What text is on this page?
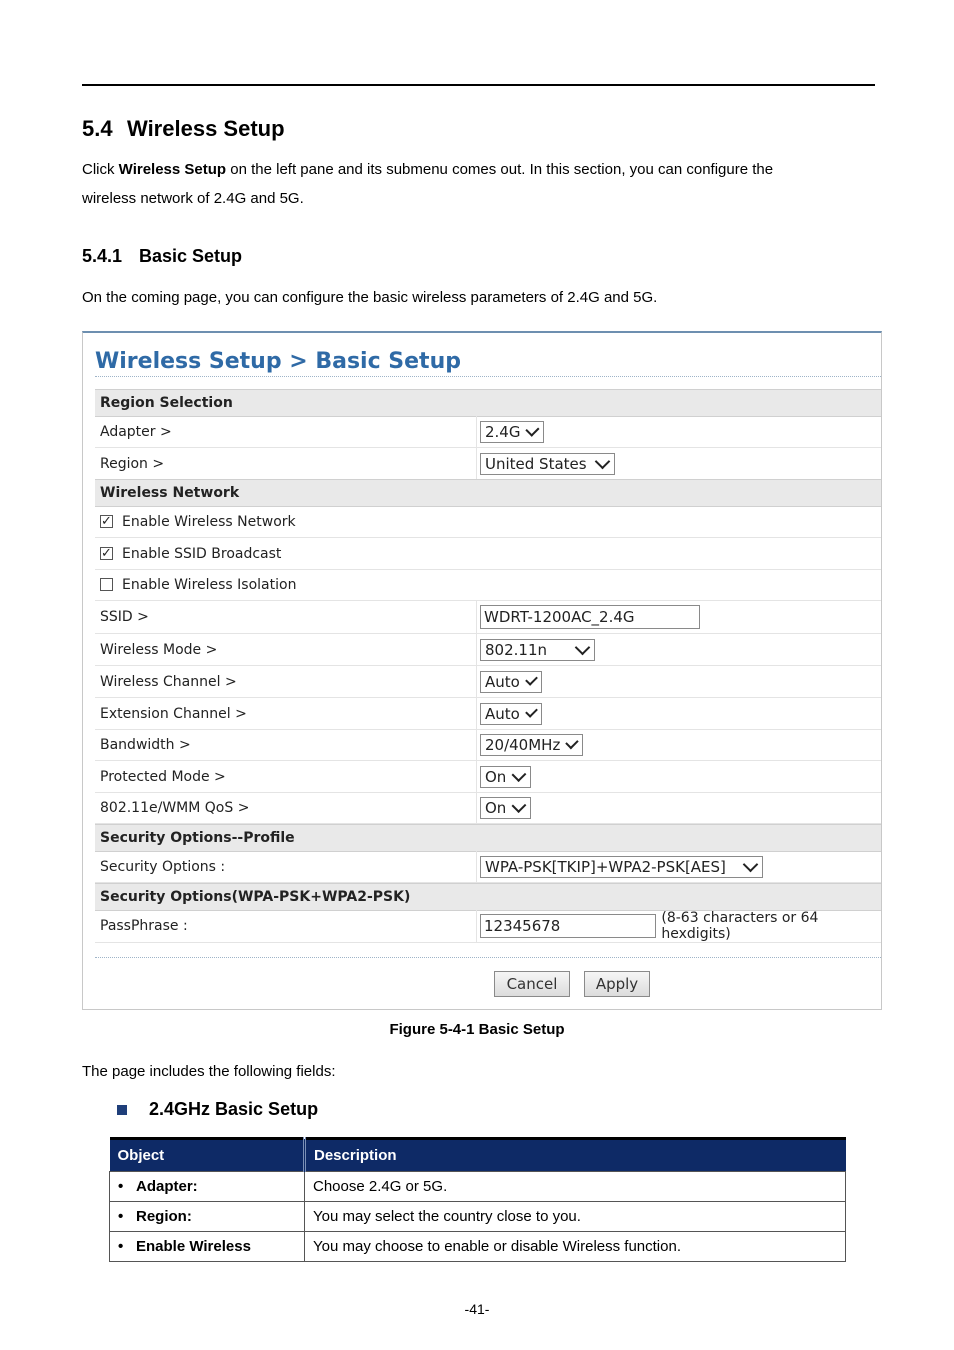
5.4 Wireless Setup
Click Wireless Setup on the left pane and its submenu comes out. In this section, you can configure the
wireless network of 2.4G and 5G.
5.4.1 Basic Setup
On the coming page, you can configure the basic wireless parameters of 2.4G and 5G.
Wireless Setup > Basic Setup
Region Selection
Adapter >	2.4G
Region >	United States
Wireless Network
✓ Enable Wireless Network
✓ Enable SSID Broadcast
Enable Wireless Isolation
SSID >	WDRT-1200AC_2.4G
Wireless Mode >	802.11n
Wireless Channel >	Auto
Extension Channel >	Auto
Bandwidth >	20/40MHz
Protected Mode >	On
802.11e/WMM QoS >	On
Security Options--Profile
Security Options :	WPA-PSK[TKIP]+WPA2-PSK[AES]
Security Options(WPA-PSK+WPA2-PSK)
PassPhrase :	12345678	(8-63 characters or 64 hexdigits)
Cancel	Apply
Figure 5-4-1 Basic Setup
The page includes the following fields:
2.4GHz Basic Setup
Object	Description
• Adapter:	Choose 2.4G or 5G.
• Region:	You may select the country close to you.
• Enable Wireless	You may choose to enable or disable Wireless function.
-41-
